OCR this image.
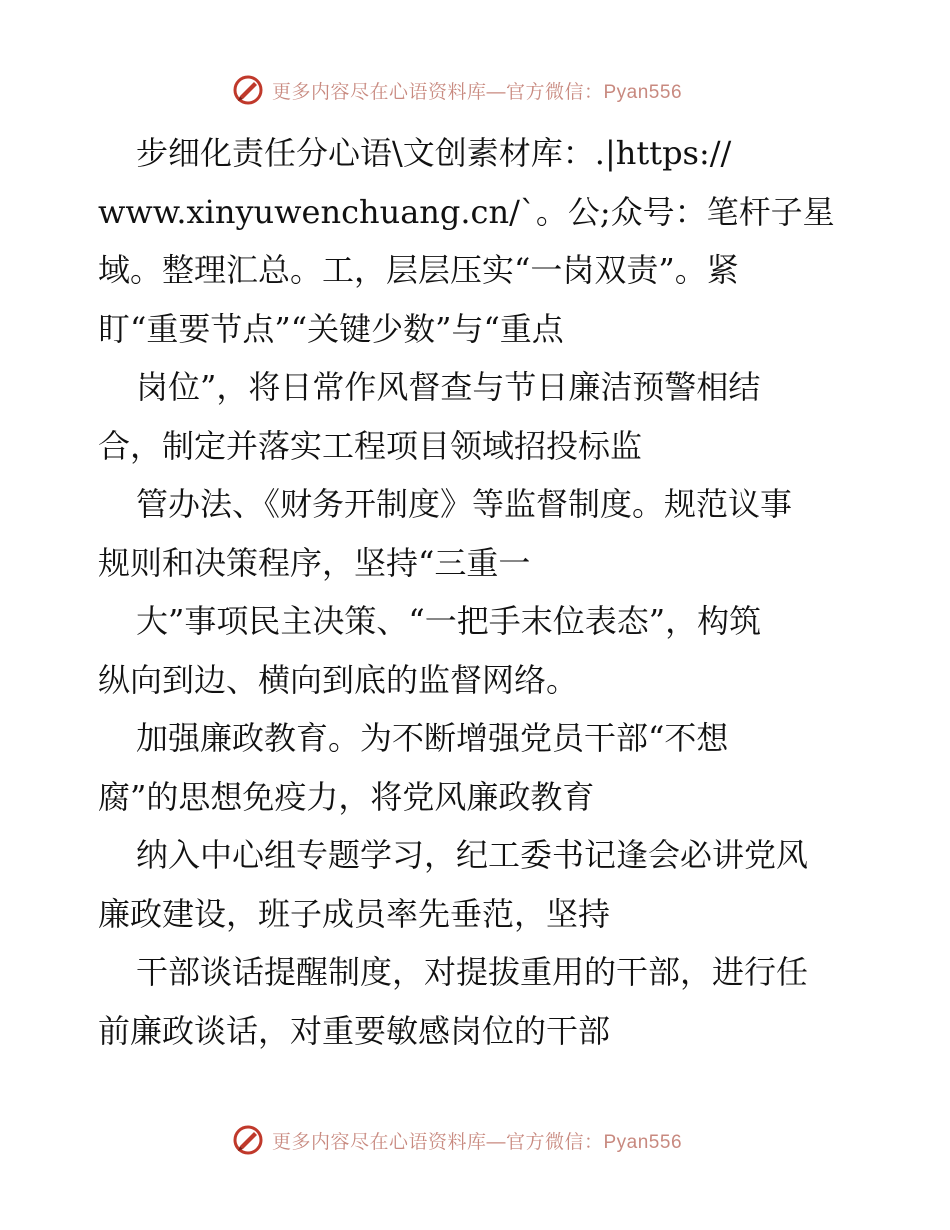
更多内容尽在心语资料库—官方微信：Pyan556
步细化责任分心语\文创素材库：.|https://
www.xinyuwenchuang.cn/`。公;众号：笔杆子星
域。整理汇总。工，层层压实“一岗双责”。紧
盯“重要节点”“关键少数”与“重点
岗位”，将日常作风督查与节日廉洁预警相结
合，制定并落实工程项目领域招投标监
管办法、《财务开制度》等监督制度。规范议事
规则和决策程序，坚持“三重一
大”事项民主决策、“一把手末位表态”，构筑
纵向到边、横向到底的监督网络。
加强廉政教育。为不断增强党员干部“不想
腐”的思想免疫力，将党风廉政教育
纳入中心组专题学习，纪工委书记逢会必讲党风
廉政建设，班子成员率先垂范，坚持
干部谈话提醒制度，对提拔重用的干部，进行任
前廉政谈话，对重要敏感岗位的干部
更多内容尽在心语资料库—官方微信：Pyan556
